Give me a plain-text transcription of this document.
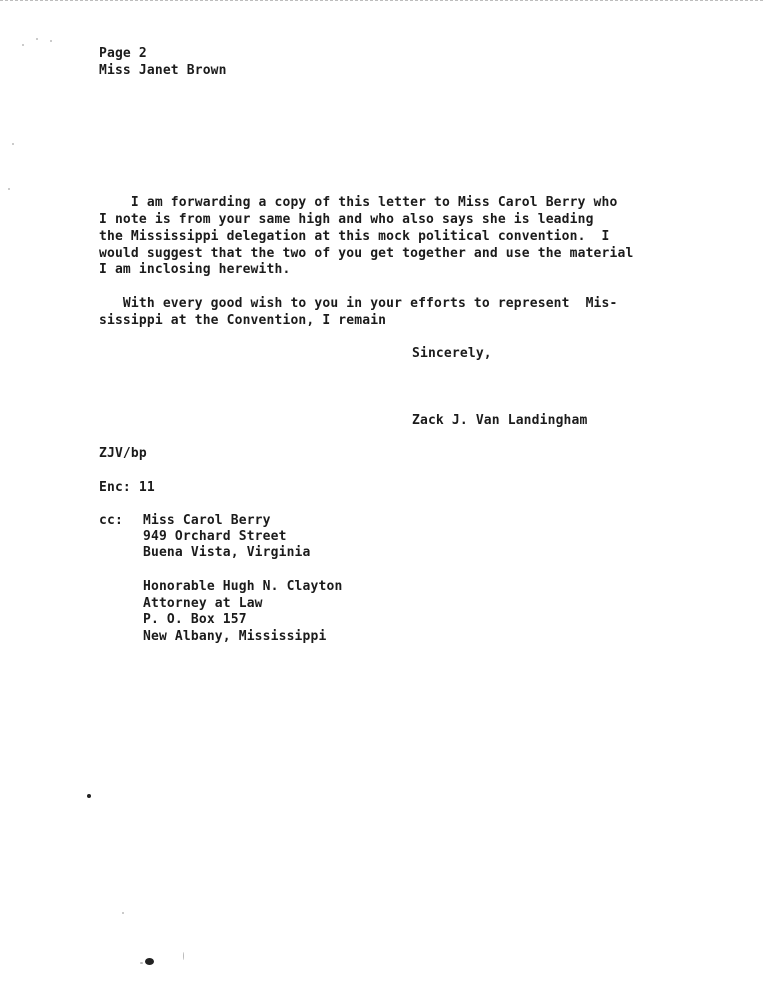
Page 2
Miss Janet Brown
I am forwarding a copy of this letter to Miss Carol Berry who
I note is from your same high and who also says she is leading
the Mississippi delegation at this mock political convention.  I
would suggest that the two of you get together and use the material
I am inclosing herewith.
With every good wish to you in your efforts to represent  Mis-
sissippi at the Convention, I remain
Sincerely,
Zack J. Van Landingham
ZJV/bp
Enc: 11
cc: Miss Carol Berry
949 Orchard Street
Buena Vista, Virginia
Honorable Hugh N. Clayton
Attorney at Law
P. O. Box 157
New Albany, Mississippi
